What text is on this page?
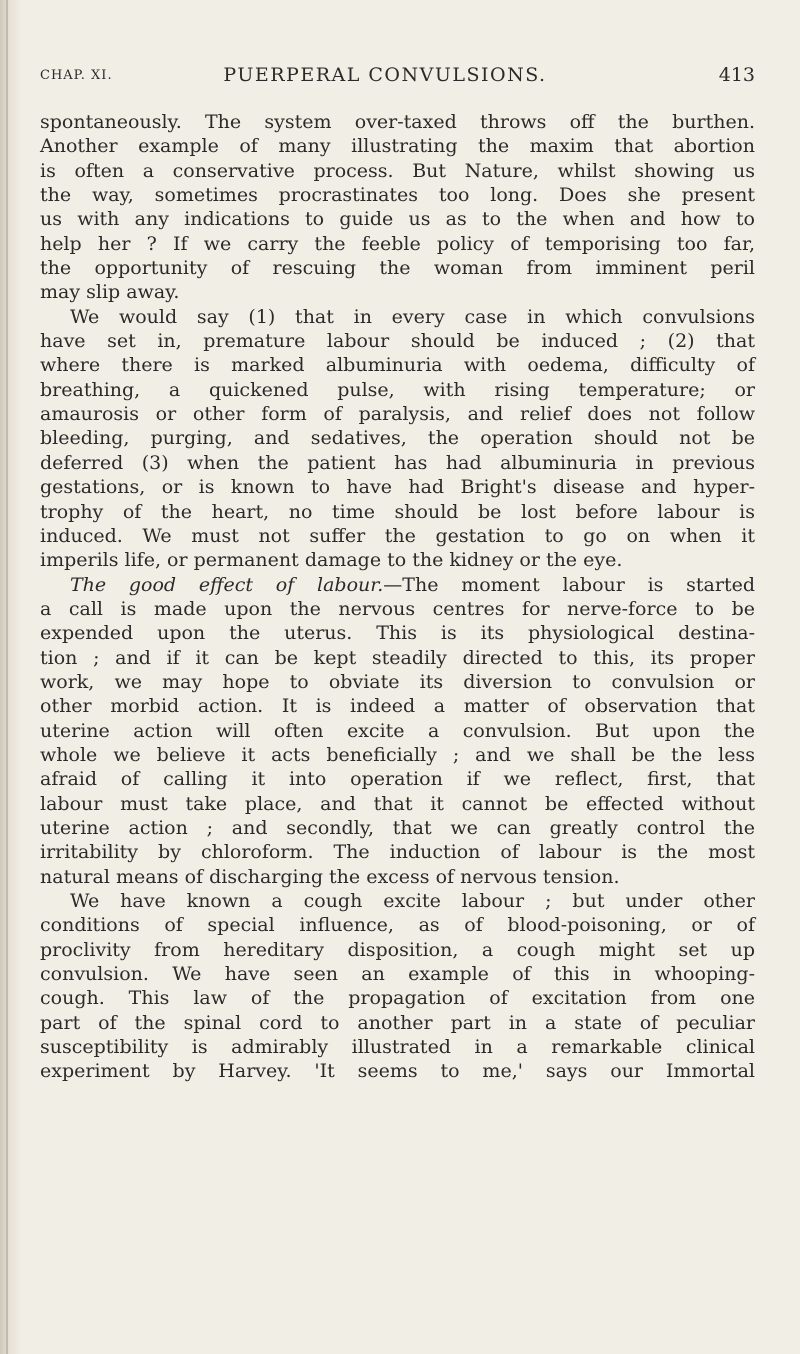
CHAP. XI.	PUERPERAL CONVULSIONS.	413

spontaneously. The system over-taxed throws off the burthen.

Another example of many illustrating the maxim that abortion

is often a conservative process. But Nature, whilst showing us

the way, sometimes procrastinates too long. Does she present

us with any indications to guide us as to the when and how to

help her ? If we carry the feeble policy of temporising too far,

the opportunity of rescuing the woman from imminent peril

may slip away.

We would say (1) that in every case in which convulsions

have set in, premature labour should be induced ; (2) that

where there is marked albuminuria with oedema, difficulty of

breathing, a quickened pulse, with rising temperature; or

amaurosis or other form of paralysis, and relief does not follow

bleeding, purging, and sedatives, the operation should not be

deferred (3) when the patient has had albuminuria in previous

gestations, or is known to have had Bright's disease and hyper-

trophy of the heart, no time should be lost before labour is

induced. We must not suffer the gestation to go on when it

imperils life, or permanent damage to the kidney or the eye.

The good effect of labour.—The moment labour is started

a call is made upon the nervous centres for nerve-force to be

expended upon the uterus. This is its physiological destina-

tion ; and if it can be kept steadily directed to this, its proper

work, we may hope to obviate its diversion to convulsion or

other morbid action. It is indeed a matter of observation that

uterine action will often excite a convulsion. But upon the

whole we believe it acts beneficially ; and we shall be the less

afraid of calling it into operation if we reflect, first, that

labour must take place, and that it cannot be effected without

uterine action ; and secondly, that we can greatly control the

irritability by chloroform. The induction of labour is the most

natural means of discharging the excess of nervous tension.

We have known a cough excite labour ; but under other

conditions of special influence, as of blood-poisoning, or of

proclivity from hereditary disposition, a cough might set up

convulsion. We have seen an example of this in whooping-

cough. This law of the propagation of excitation from one

part of the spinal cord to another part in a state of peculiar

susceptibility is admirably illustrated in a remarkable clinical

experiment by Harvey. 'It seems to me,' says our Immortal
